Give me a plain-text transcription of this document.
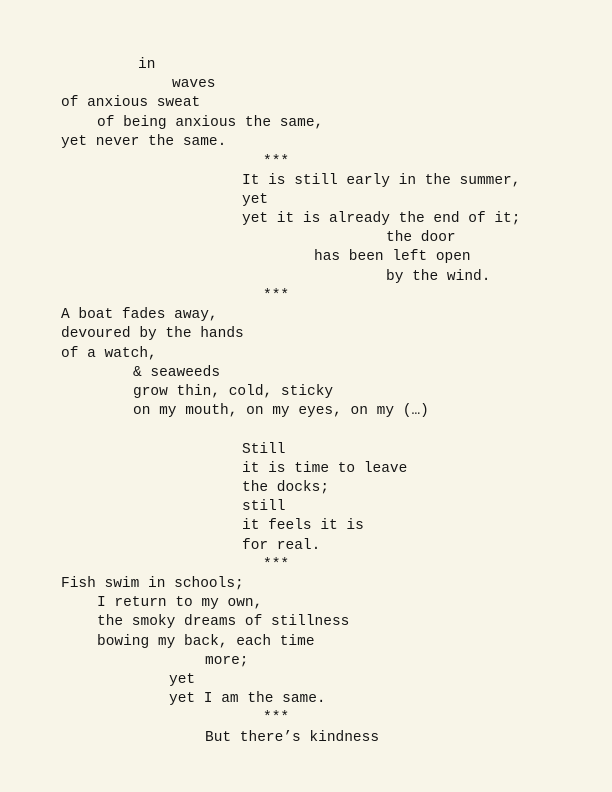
in
waves
of anxious sweat
of being anxious the same,
yet never the same.
***
It is still early in the summer,
yet
yet it is already the end of it;
the door
has been left open
by the wind.
***
A boat fades away,
devoured by the hands
of a watch,
& seaweeds
grow thin, cold, sticky
on my mouth, on my eyes, on my (…)
Still
it is time to leave
the docks;
still
it feels it is
for real.
***
Fish swim in schools;
I return to my own,
the smoky dreams of stillness
bowing my back, each time
more;
yet
yet I am the same.
***
But there’s kindness
